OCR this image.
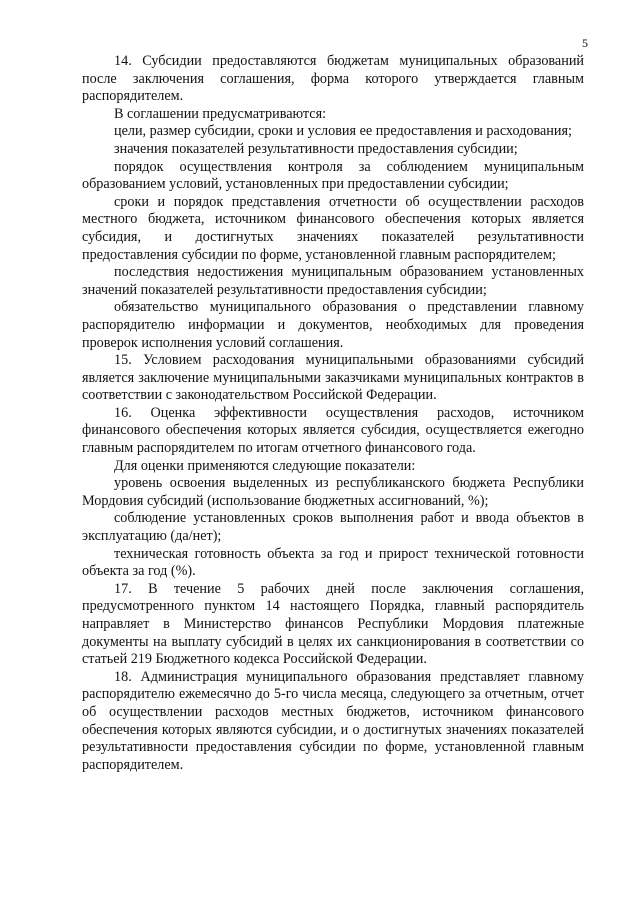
5

14. Субсидии предоставляются бюджетам муниципальных образований после заключения соглашения, форма которого утверждается главным распорядителем.

В соглашении предусматриваются:

цели, размер субсидии, сроки и условия ее предоставления и расходования;

значения показателей результативности предоставления субсидии;

порядок осуществления контроля за соблюдением муниципальным образованием условий, установленных при предоставлении субсидии;

сроки и порядок представления отчетности об осуществлении расходов местного бюджета, источником финансового обеспечения которых является субсидия, и достигнутых значениях показателей результативности предоставления субсидии по форме, установленной главным распорядителем;

последствия недостижения муниципальным образованием установленных значений показателей результативности предоставления субсидии;

обязательство муниципального образования о представлении главному распорядителю информации и документов, необходимых для проведения проверок исполнения условий соглашения.

15. Условием расходования муниципальными образованиями субсидий является заключение муниципальными заказчиками муниципальных контрактов в соответствии с законодательством Российской Федерации.

16. Оценка эффективности осуществления расходов, источником финансового обеспечения которых является субсидия, осуществляется ежегодно главным распорядителем по итогам отчетного финансового года.

Для оценки применяются следующие показатели:

уровень освоения выделенных из республиканского бюджета Республики Мордовия субсидий (использование бюджетных ассигнований, %);

соблюдение установленных сроков выполнения работ и ввода объектов в эксплуатацию (да/нет);

техническая готовность объекта за год и прирост технической готовности объекта за год (%).

17. В течение 5 рабочих дней после заключения соглашения, предусмотренного пунктом 14 настоящего Порядка, главный распорядитель направляет в Министерство финансов Республики Мордовия платежные документы на выплату субсидий в целях их санкционирования в соответствии со статьей 219 Бюджетного кодекса Российской Федерации.

18. Администрация муниципального образования представляет главному распорядителю ежемесячно до 5-го числа месяца, следующего за отчетным, отчет об осуществлении расходов местных бюджетов, источником финансового обеспечения которых являются субсидии, и о достигнутых значениях показателей результативности предоставления субсидии по форме, установленной главным распорядителем.
